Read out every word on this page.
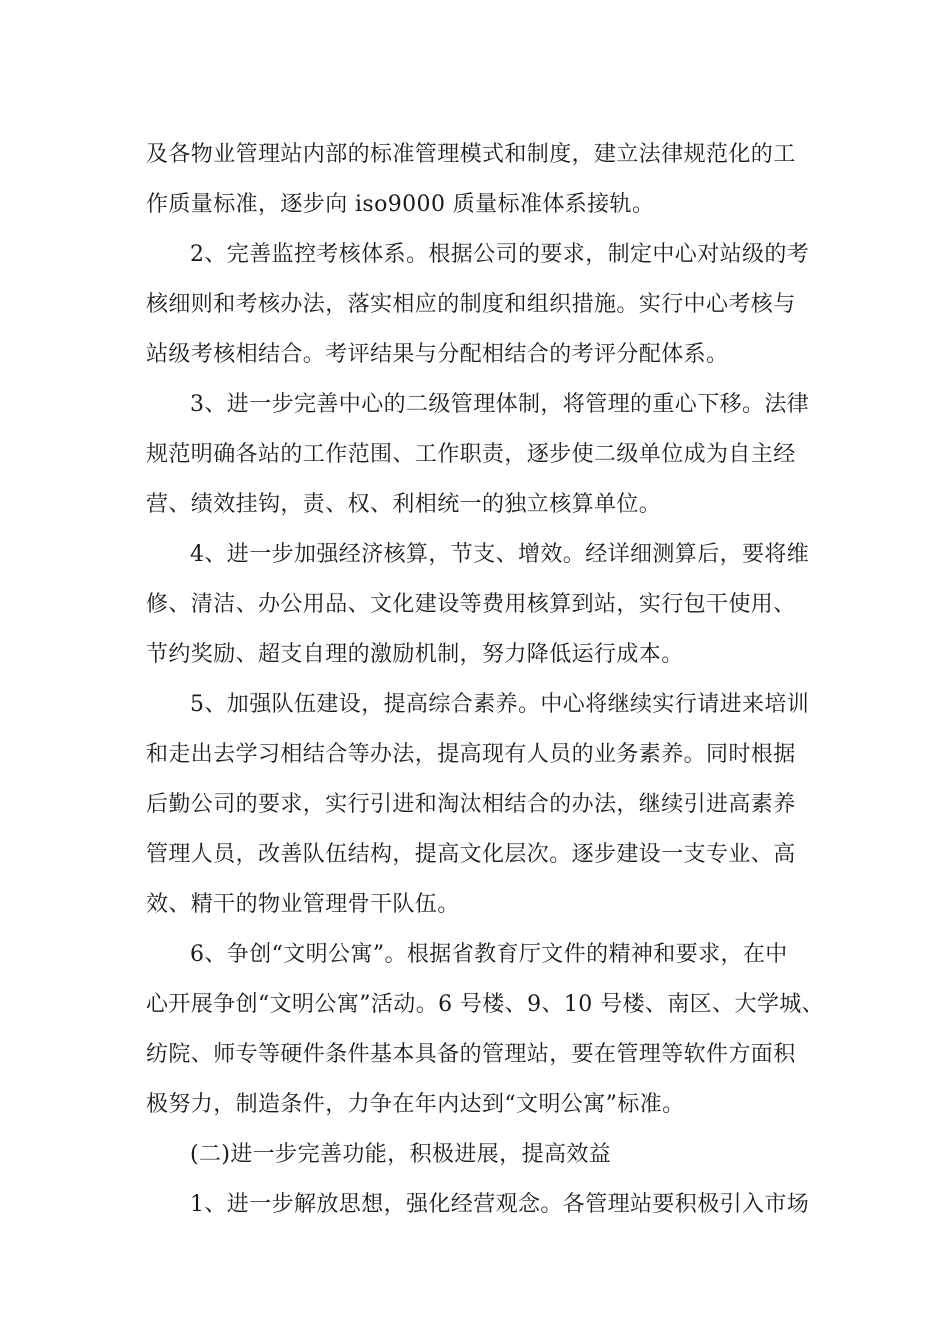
及各物业管理站内部的标准管理模式和制度，建立法律规范化的工
作质量标准，逐步向 iso9000 质量标准体系接轨。
2、完善监控考核体系。根据公司的要求，制定中心对站级的考
核细则和考核办法，落实相应的制度和组织措施。实行中心考核与
站级考核相结合。考评结果与分配相结合的考评分配体系。
3、进一步完善中心的二级管理体制，将管理的重心下移。法律
规范明确各站的工作范围、工作职责，逐步使二级单位成为自主经
营、绩效挂钩，责、权、利相统一的独立核算单位。
4、进一步加强经济核算，节支、增效。经详细测算后，要将维
修、清洁、办公用品、文化建设等费用核算到站，实行包干使用、
节约奖励、超支自理的激励机制，努力降低运行成本。
5、加强队伍建设，提高综合素养。中心将继续实行请进来培训
和走出去学习相结合等办法，提高现有人员的业务素养。同时根据
后勤公司的要求，实行引进和淘汰相结合的办法，继续引进高素养
管理人员，改善队伍结构，提高文化层次。逐步建设一支专业、高
效、精干的物业管理骨干队伍。
6、争创“文明公寓”。根据省教育厅文件的精神和要求，在中
心开展争创“文明公寓”活动。6 号楼、9、10 号楼、南区、大学城、
纺院、师专等硬件条件基本具备的管理站，要在管理等软件方面积
极努力，制造条件，力争在年内达到“文明公寓”标准。
(二)进一步完善功能，积极进展，提高效益
1、进一步解放思想，强化经营观念。各管理站要积极引入市场
